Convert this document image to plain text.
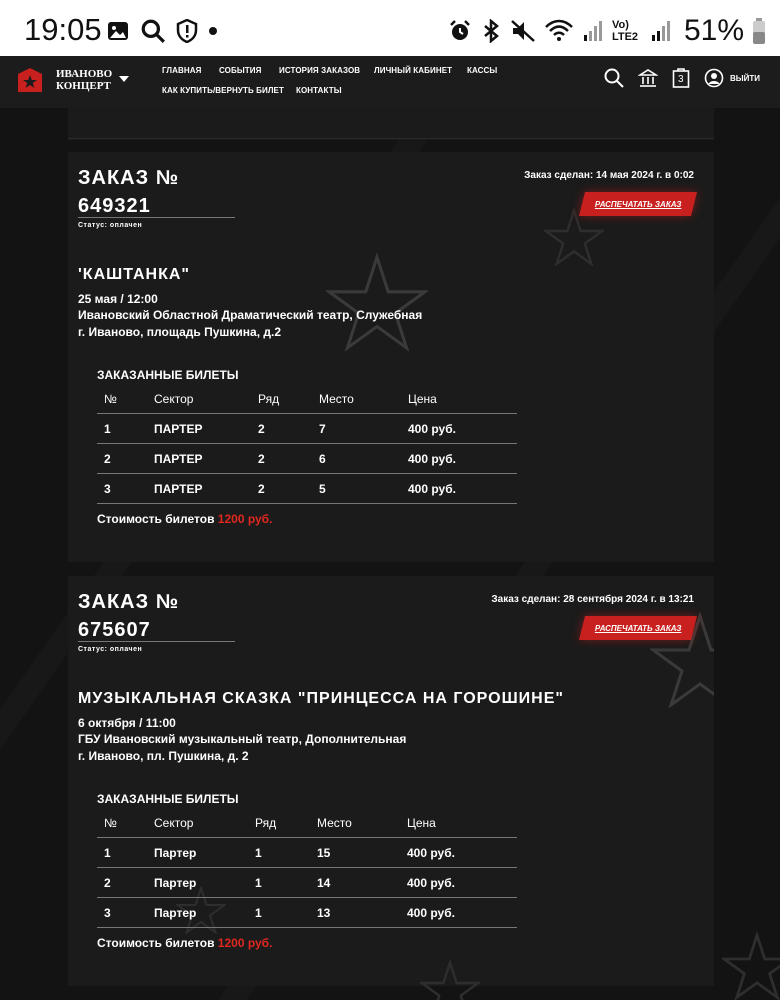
19:05	Vo) LTE2 51%
ИВАНОВО
КОНЦЕРТ
ГЛАВНАЯ СОБЫТИЯ ИСТОРИЯ ЗАКАЗОВ ЛИЧНЫЙ КАБИНЕТ КАССЫ
КАК КУПИТЬ/ВЕРНУТЬ БИЛЕТ КОНТАКТЫ
3	ВЫЙТИ
ЗАКАЗ №
649321
Статус: оплачен
Заказ сделан: 14 мая 2024 г. в 0:02
РАСПЕЧАТАТЬ ЗАКАЗ
'КАШТАНКА"
25 мая / 12:00
Ивановский Областной Драматический театр, Служебная
г. Иваново, площадь Пушкина, д.2
ЗАКАЗАННЫЕ БИЛЕТЫ
№	Сектор	Ряд	Место	Цена
1	ПАРТЕР	2	7	400 руб.
2	ПАРТЕР	2	6	400 руб.
3	ПАРТЕР	2	5	400 руб.
Стоимость билетов 1200 руб.
ЗАКАЗ №
675607
Статус: оплачен
Заказ сделан: 28 сентября 2024 г. в 13:21
РАСПЕЧАТАТЬ ЗАКАЗ
МУЗЫКАЛЬНАЯ СКАЗКА "ПРИНЦЕССА НА ГОРОШИНЕ"
6 октября / 11:00
ГБУ Ивановский музыкальный театр, Дополнительная
г. Иваново, пл. Пушкина, д. 2
ЗАКАЗАННЫЕ БИЛЕТЫ
№	Сектор	Ряд	Место	Цена
1	Партер	1	15	400 руб.
2	Партер	1	14	400 руб.
3	Партер	1	13	400 руб.
Стоимость билетов 1200 руб.
